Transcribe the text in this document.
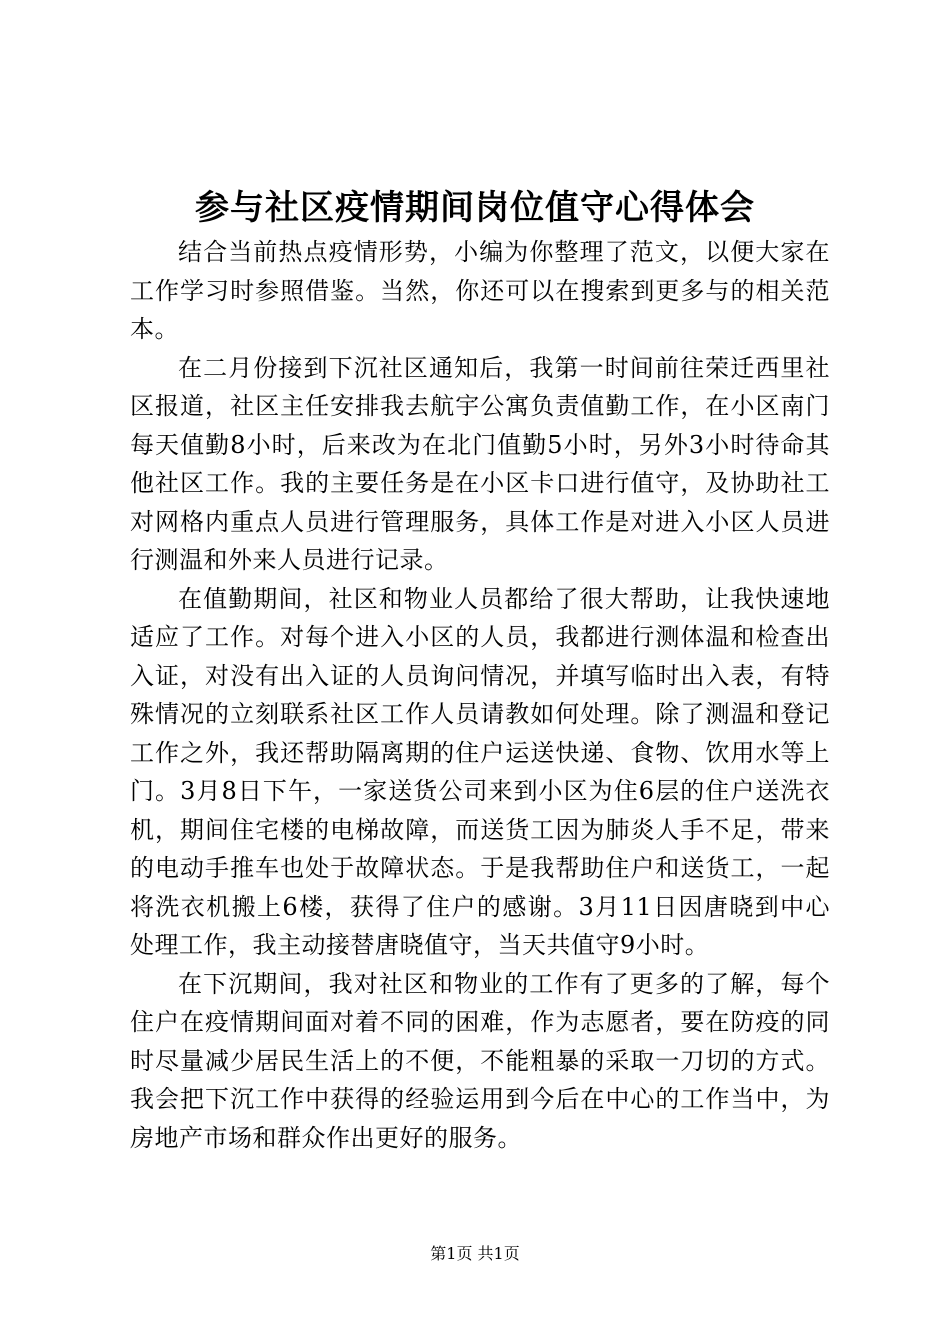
参与社区疫情期间岗位值守心得体会

结合当前热点疫情形势，小编为你整理了范文，以便大家在工作学习时参照借鉴。当然，你还可以在搜索到更多与的相关范本。

在二月份接到下沉社区通知后，我第一时间前往荣迁西里社区报道，社区主任安排我去航宇公寓负责值勤工作，在小区南门每天值勤8小时，后来改为在北门值勤5小时，另外3小时待命其他社区工作。我的主要任务是在小区卡口进行值守，及协助社工对网格内重点人员进行管理服务，具体工作是对进入小区人员进行测温和外来人员进行记录。

在值勤期间，社区和物业人员都给了很大帮助，让我快速地适应了工作。对每个进入小区的人员，我都进行测体温和检查出入证，对没有出入证的人员询问情况，并填写临时出入表，有特殊情况的立刻联系社区工作人员请教如何处理。除了测温和登记工作之外，我还帮助隔离期的住户运送快递、食物、饮用水等上门。3月8日下午，一家送货公司来到小区为住6层的住户送洗衣机，期间住宅楼的电梯故障，而送货工因为肺炎人手不足，带来的电动手推车也处于故障状态。于是我帮助住户和送货工，一起将洗衣机搬上6楼，获得了住户的感谢。3月11日因唐晓到中心处理工作，我主动接替唐晓值守，当天共值守9小时。

在下沉期间，我对社区和物业的工作有了更多的了解，每个住户在疫情期间面对着不同的困难，作为志愿者，要在防疫的同时尽量减少居民生活上的不便，不能粗暴的采取一刀切的方式。我会把下沉工作中获得的经验运用到今后在中心的工作当中，为房地产市场和群众作出更好的服务。

第1页 共1页
